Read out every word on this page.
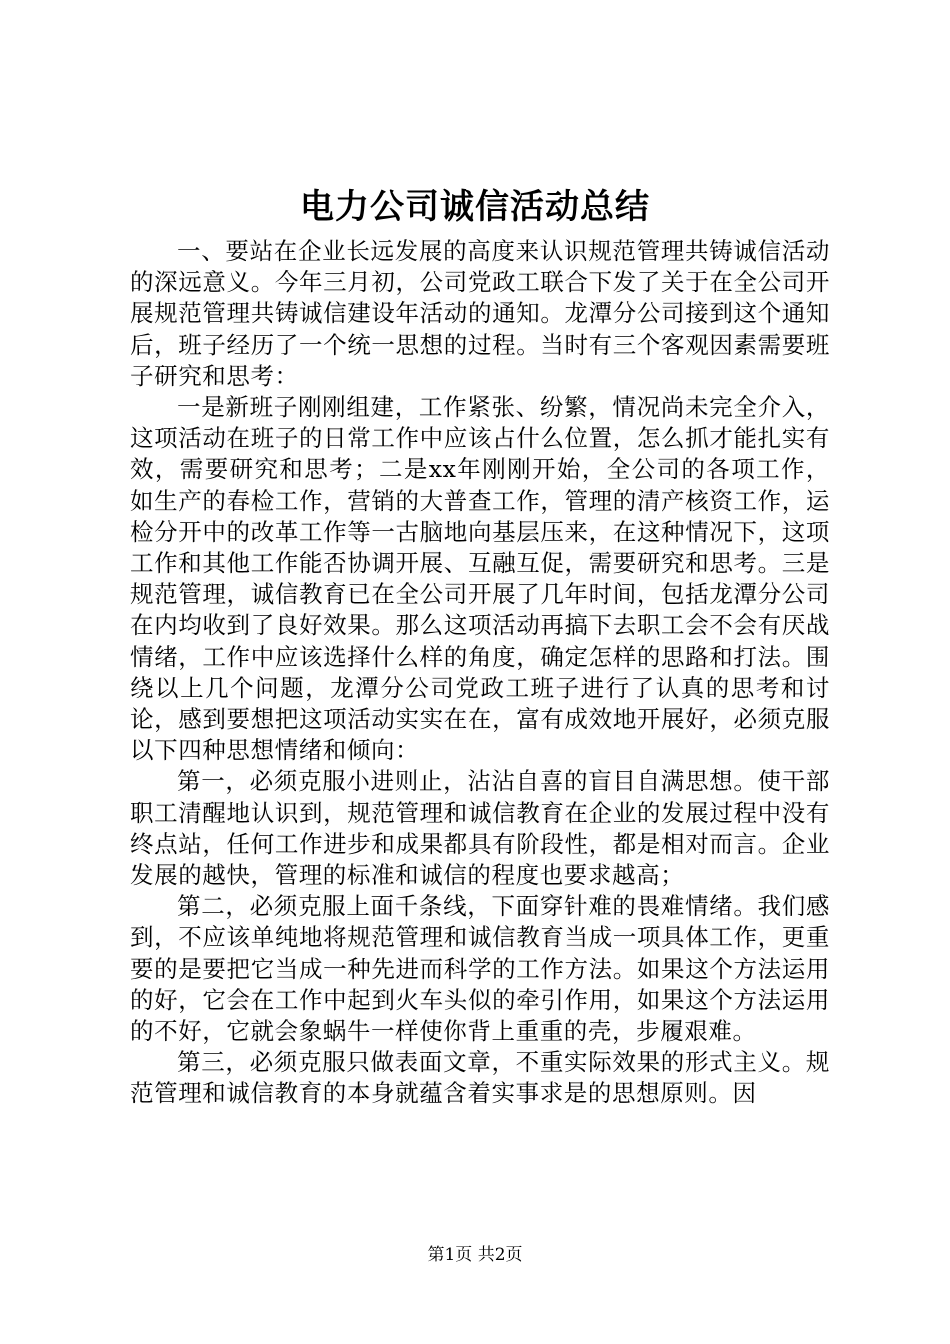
电力公司诚信活动总结

一、要站在企业长远发展的高度来认识规范管理共铸诚信活动的深远意义。今年三月初，公司党政工联合下发了关于在全公司开展规范管理共铸诚信建设年活动的通知。龙潭分公司接到这个通知后，班子经历了一个统一思想的过程。当时有三个客观因素需要班子研究和思考：

一是新班子刚刚组建，工作紧张、纷繁，情况尚未完全介入，这项活动在班子的日常工作中应该占什么位置，怎么抓才能扎实有效，需要研究和思考；二是xx年刚刚开始，全公司的各项工作，如生产的春检工作，营销的大普查工作，管理的清产核资工作，运检分开中的改革工作等一古脑地向基层压来，在这种情况下，这项工作和其他工作能否协调开展、互融互促，需要研究和思考。三是规范管理，诚信教育已在全公司开展了几年时间，包括龙潭分公司在内均收到了良好效果。那么这项活动再搞下去职工会不会有厌战情绪，工作中应该选择什么样的角度，确定怎样的思路和打法。围绕以上几个问题，龙潭分公司党政工班子进行了认真的思考和讨论，感到要想把这项活动实实在在，富有成效地开展好，必须克服以下四种思想情绪和倾向：

第一，必须克服小进则止，沾沾自喜的盲目自满思想。使干部职工清醒地认识到，规范管理和诚信教育在企业的发展过程中没有终点站，任何工作进步和成果都具有阶段性，都是相对而言。企业发展的越快，管理的标准和诚信的程度也要求越高；

第二，必须克服上面千条线，下面穿针难的畏难情绪。我们感到，不应该单纯地将规范管理和诚信教育当成一项具体工作，更重要的是要把它当成一种先进而科学的工作方法。如果这个方法运用的好，它会在工作中起到火车头似的牵引作用，如果这个方法运用的不好，它就会象蜗牛一样使你背上重重的壳，步履艰难。

第三，必须克服只做表面文章，不重实际效果的形式主义。规范管理和诚信教育的本身就蕴含着实事求是的思想原则。因

第1页 共2页
